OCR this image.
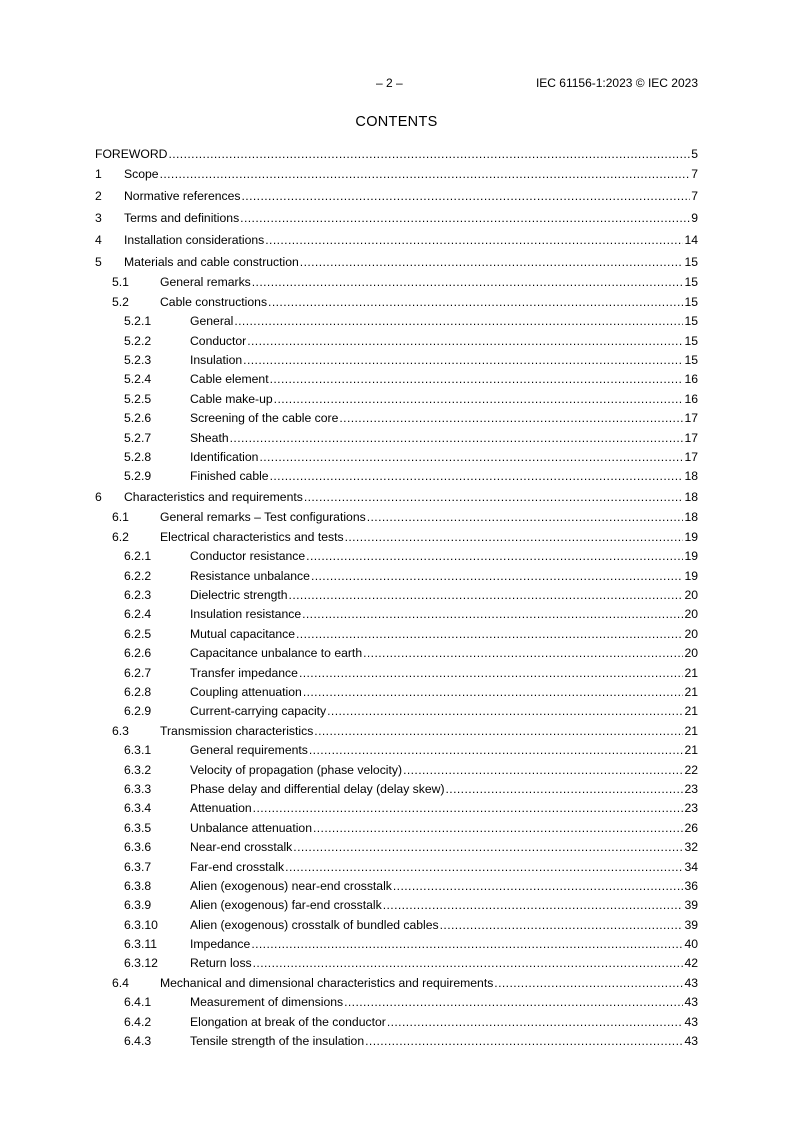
– 2 –	IEC 61156-1:2023 © IEC 2023
CONTENTS
FOREWORD .....	5
1 Scope .....	7
2 Normative references .....	7
3 Terms and definitions .....	9
4 Installation considerations .....	14
5 Materials and cable construction .....	15
5.1	General remarks .....	15
5.2	Cable constructions .....	15
5.2.1	General .....	15
5.2.2	Conductor .....	15
5.2.3	Insulation .....	15
5.2.4	Cable element .....	16
5.2.5	Cable make-up .....	16
5.2.6	Screening of the cable core .....	17
5.2.7	Sheath .....	17
5.2.8	Identification .....	17
5.2.9	Finished cable .....	18
6 Characteristics and requirements .....	18
6.1	General remarks – Test configurations .....	18
6.2	Electrical characteristics and tests .....	19
6.2.1	Conductor resistance .....	19
6.2.2	Resistance unbalance .....	19
6.2.3	Dielectric strength .....	20
6.2.4	Insulation resistance .....	20
6.2.5	Mutual capacitance .....	20
6.2.6	Capacitance unbalance to earth .....	20
6.2.7	Transfer impedance .....	21
6.2.8	Coupling attenuation .....	21
6.2.9	Current-carrying capacity .....	21
6.3	Transmission characteristics .....	21
6.3.1	General requirements .....	21
6.3.2	Velocity of propagation (phase velocity) .....	22
6.3.3	Phase delay and differential delay (delay skew) .....	23
6.3.4	Attenuation .....	23
6.3.5	Unbalance attenuation .....	26
6.3.6	Near-end crosstalk .....	32
6.3.7	Far-end crosstalk .....	34
6.3.8	Alien (exogenous) near-end crosstalk .....	36
6.3.9	Alien (exogenous) far-end crosstalk .....	39
6.3.10	Alien (exogenous) crosstalk of bundled cables .....	39
6.3.11	Impedance .....	40
6.3.12	Return loss .....	42
6.4	Mechanical and dimensional characteristics and requirements .....	43
6.4.1	Measurement of dimensions .....	43
6.4.2	Elongation at break of the conductor .....	43
6.4.3	Tensile strength of the insulation .....	43
